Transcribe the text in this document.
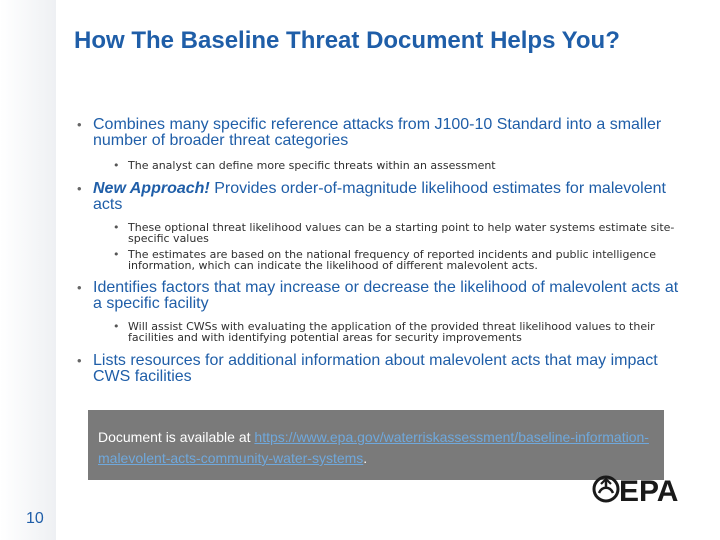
How The Baseline Threat Document Helps You?
• Combines many specific reference attacks from J100-10 Standard into a smaller number of broader threat categories
• The analyst can define more specific threats within an assessment
• New Approach! Provides order-of-magnitude likelihood estimates for malevolent acts
• These optional threat likelihood values can be a starting point to help water systems estimate site-specific values
• The estimates are based on the national frequency of reported incidents and public intelligence information, which can indicate the likelihood of different malevolent acts.
• Identifies factors that may increase or decrease the likelihood of malevolent acts at a specific facility
• Will assist CWSs with evaluating the application of the provided threat likelihood values to their facilities and with identifying potential areas for security improvements
• Lists resources for additional information about malevolent acts that may impact CWS facilities
Document is available at https://www.epa.gov/waterriskassessment/baseline-information-malevolent-acts-community-water-systems.
10
EPA
